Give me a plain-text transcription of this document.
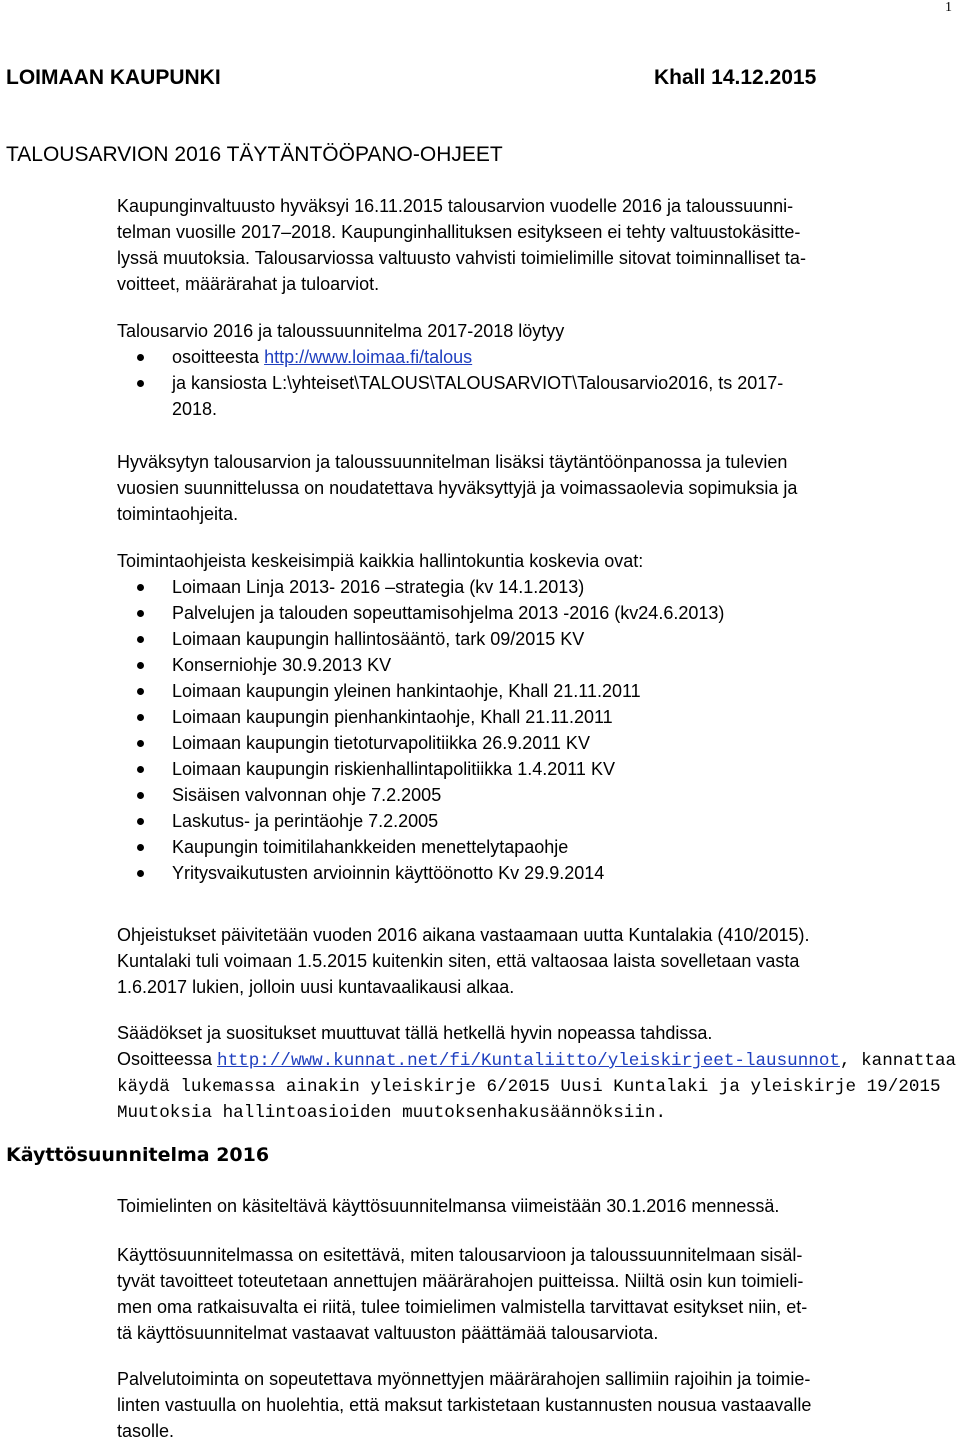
1
LOIMAAN KAUPUNKI	Khall 14.12.2015
TALOUSARVION 2016 TÄYTÄNTÖÖPANO-OHJEET
Kaupunginvaltuusto hyväksyi 16.11.2015 talousarvion vuodelle 2016 ja taloussuunni-
telman vuosille 2017–2018. Kaupunginhallituksen esitykseen ei tehty valtuustokäsitte-
lyssä muutoksia. Talousarviossa valtuusto vahvisti toimielimille sitovat toiminnalliset ta-
voitteet, määrärahat ja tuloarviot.
Talousarvio 2016 ja taloussuunnitelma 2017-2018 löytyy
osoitteesta http://www.loimaa.fi/talous
ja kansiosta L:\yhteiset\TALOUS\TALOUSARVIOT\Talousarvio2016, ts 2017-
2018.
Hyväksytyn talousarvion ja taloussuunnitelman lisäksi täytäntöönpanossa ja tulevien
vuosien suunnittelussa on noudatettava hyväksyttyjä ja voimassaolevia sopimuksia ja
toimintaohjeita.
Toimintaohjeista keskeisimpiä kaikkia hallintokuntia koskevia ovat:
Loimaan Linja 2013- 2016 –strategia (kv 14.1.2013)
Palvelujen ja talouden sopeuttamisohjelma 2013 -2016 (kv24.6.2013)
Loimaan kaupungin hallintosääntö, tark 09/2015 KV
Konserniohje 30.9.2013 KV
Loimaan kaupungin yleinen hankintaohje, Khall 21.11.2011
Loimaan kaupungin pienhankintaohje, Khall 21.11.2011
Loimaan kaupungin tietoturvapolitiikka 26.9.2011 KV
Loimaan kaupungin riskienhallintapolitiikka 1.4.2011 KV
Sisäisen valvonnan ohje 7.2.2005
Laskutus- ja perintäohje 7.2.2005
Kaupungin toimitilahankkeiden menettelytapaohje
Yritysvaikutusten arvioinnin käyttöönotto Kv 29.9.2014
Ohjeistukset päivitetään vuoden 2016 aikana vastaamaan uutta Kuntalakia (410/2015).
Kuntalaki tuli voimaan 1.5.2015 kuitenkin siten, että valtaosaa laista sovelletaan vasta
1.6.2017 lukien, jolloin uusi kuntavaalikausi alkaa.
Säädökset ja suositukset muuttuvat tällä hetkellä hyvin nopeassa tahdissa.
Osoitteessa http://www.kunnat.net/fi/Kuntaliitto/yleiskirjeet-lausunnot, kannattaa
käydä lukemassa ainakin yleiskirje 6/2015 Uusi Kuntalaki ja yleiskirje 19/2015
Muutoksia hallintoasioiden muutoksenhakusäännöksiin.
Käyttösuunnitelma 2016
Toimielinten on käsiteltävä käyttösuunnitelmansa viimeistään 30.1.2016 mennessä.
Käyttösuunnitelmassa on esitettävä, miten talousarvioon ja taloussuunnitelmaan sisäl-
tyvät tavoitteet toteutetaan annettujen määrärahojen puitteissa. Niiltä osin kun toimieli-
men oma ratkaisuvalta ei riitä, tulee toimielimen valmistella tarvittavat esitykset niin, et-
tä käyttösuunnitelmat vastaavat valtuuston päättämää talousarviota.
Palvelutoiminta on sopeutettava myönnettyjen määrärahojen sallimiin rajoihin ja toimie-
linten vastuulla on huolehtia, että maksut tarkistetaan kustannusten nousua vastaavalle
tasolle.
